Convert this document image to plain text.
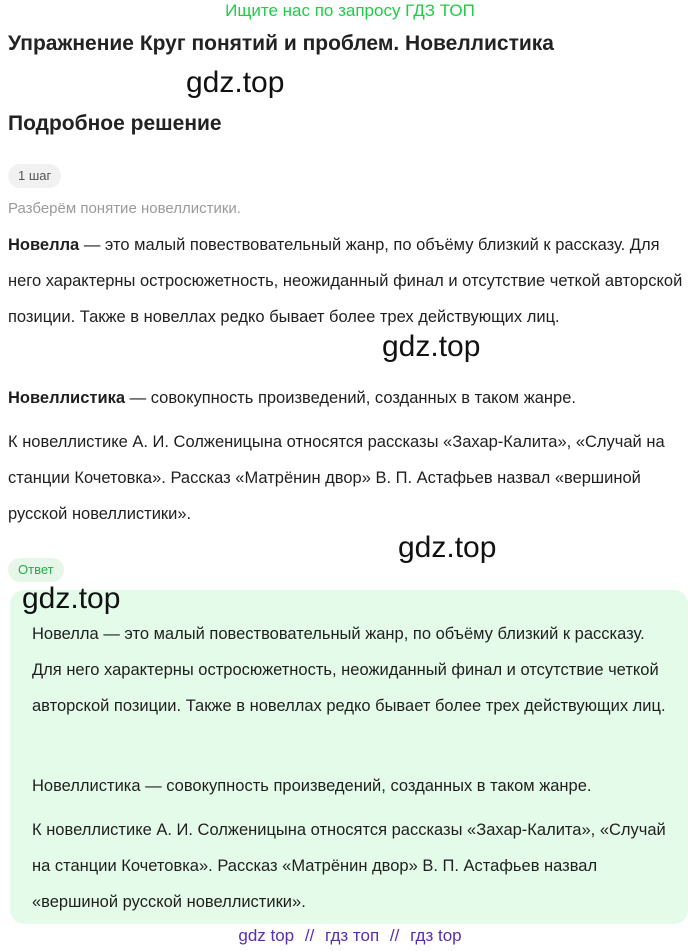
Ищите нас по запросу ГДЗ ТОП
Упражнение Круг понятий и проблем. Новеллистика
gdz.top
Подробное решение
1 шаг
Разберём понятие новеллистики.
Новелла — это малый повествовательный жанр, по объёму близкий к рассказу. Для него характерны остросюжетность, неожиданный финал и отсутствие четкой авторской позиции. Также в новеллах редко бывает более трех действующих лиц.
gdz.top
Новеллистика — совокупность произведений, созданных в таком жанре.
К новеллистике А. И. Солженицына относятся рассказы «Захар-Калита», «Случай на станции Кочетовка». Рассказ «Матрёнин двор» В. П. Астафьев назвал «вершиной русской новеллистики».
gdz.top
Ответ
gdz.top
Новелла — это малый повествовательный жанр, по объёму близкий к рассказу. Для него характерны остросюжетность, неожиданный финал и отсутствие четкой авторской позиции. Также в новеллах редко бывает более трех действующих лиц.
Новеллистика — совокупность произведений, созданных в таком жанре.
К новеллистике А. И. Солженицына относятся рассказы «Захар-Калита», «Случай на станции Кочетовка». Рассказ «Матрёнин двор» В. П. Астафьев назвал «вершиной русской новеллистики».
gdz top // гдз топ // гдз top
